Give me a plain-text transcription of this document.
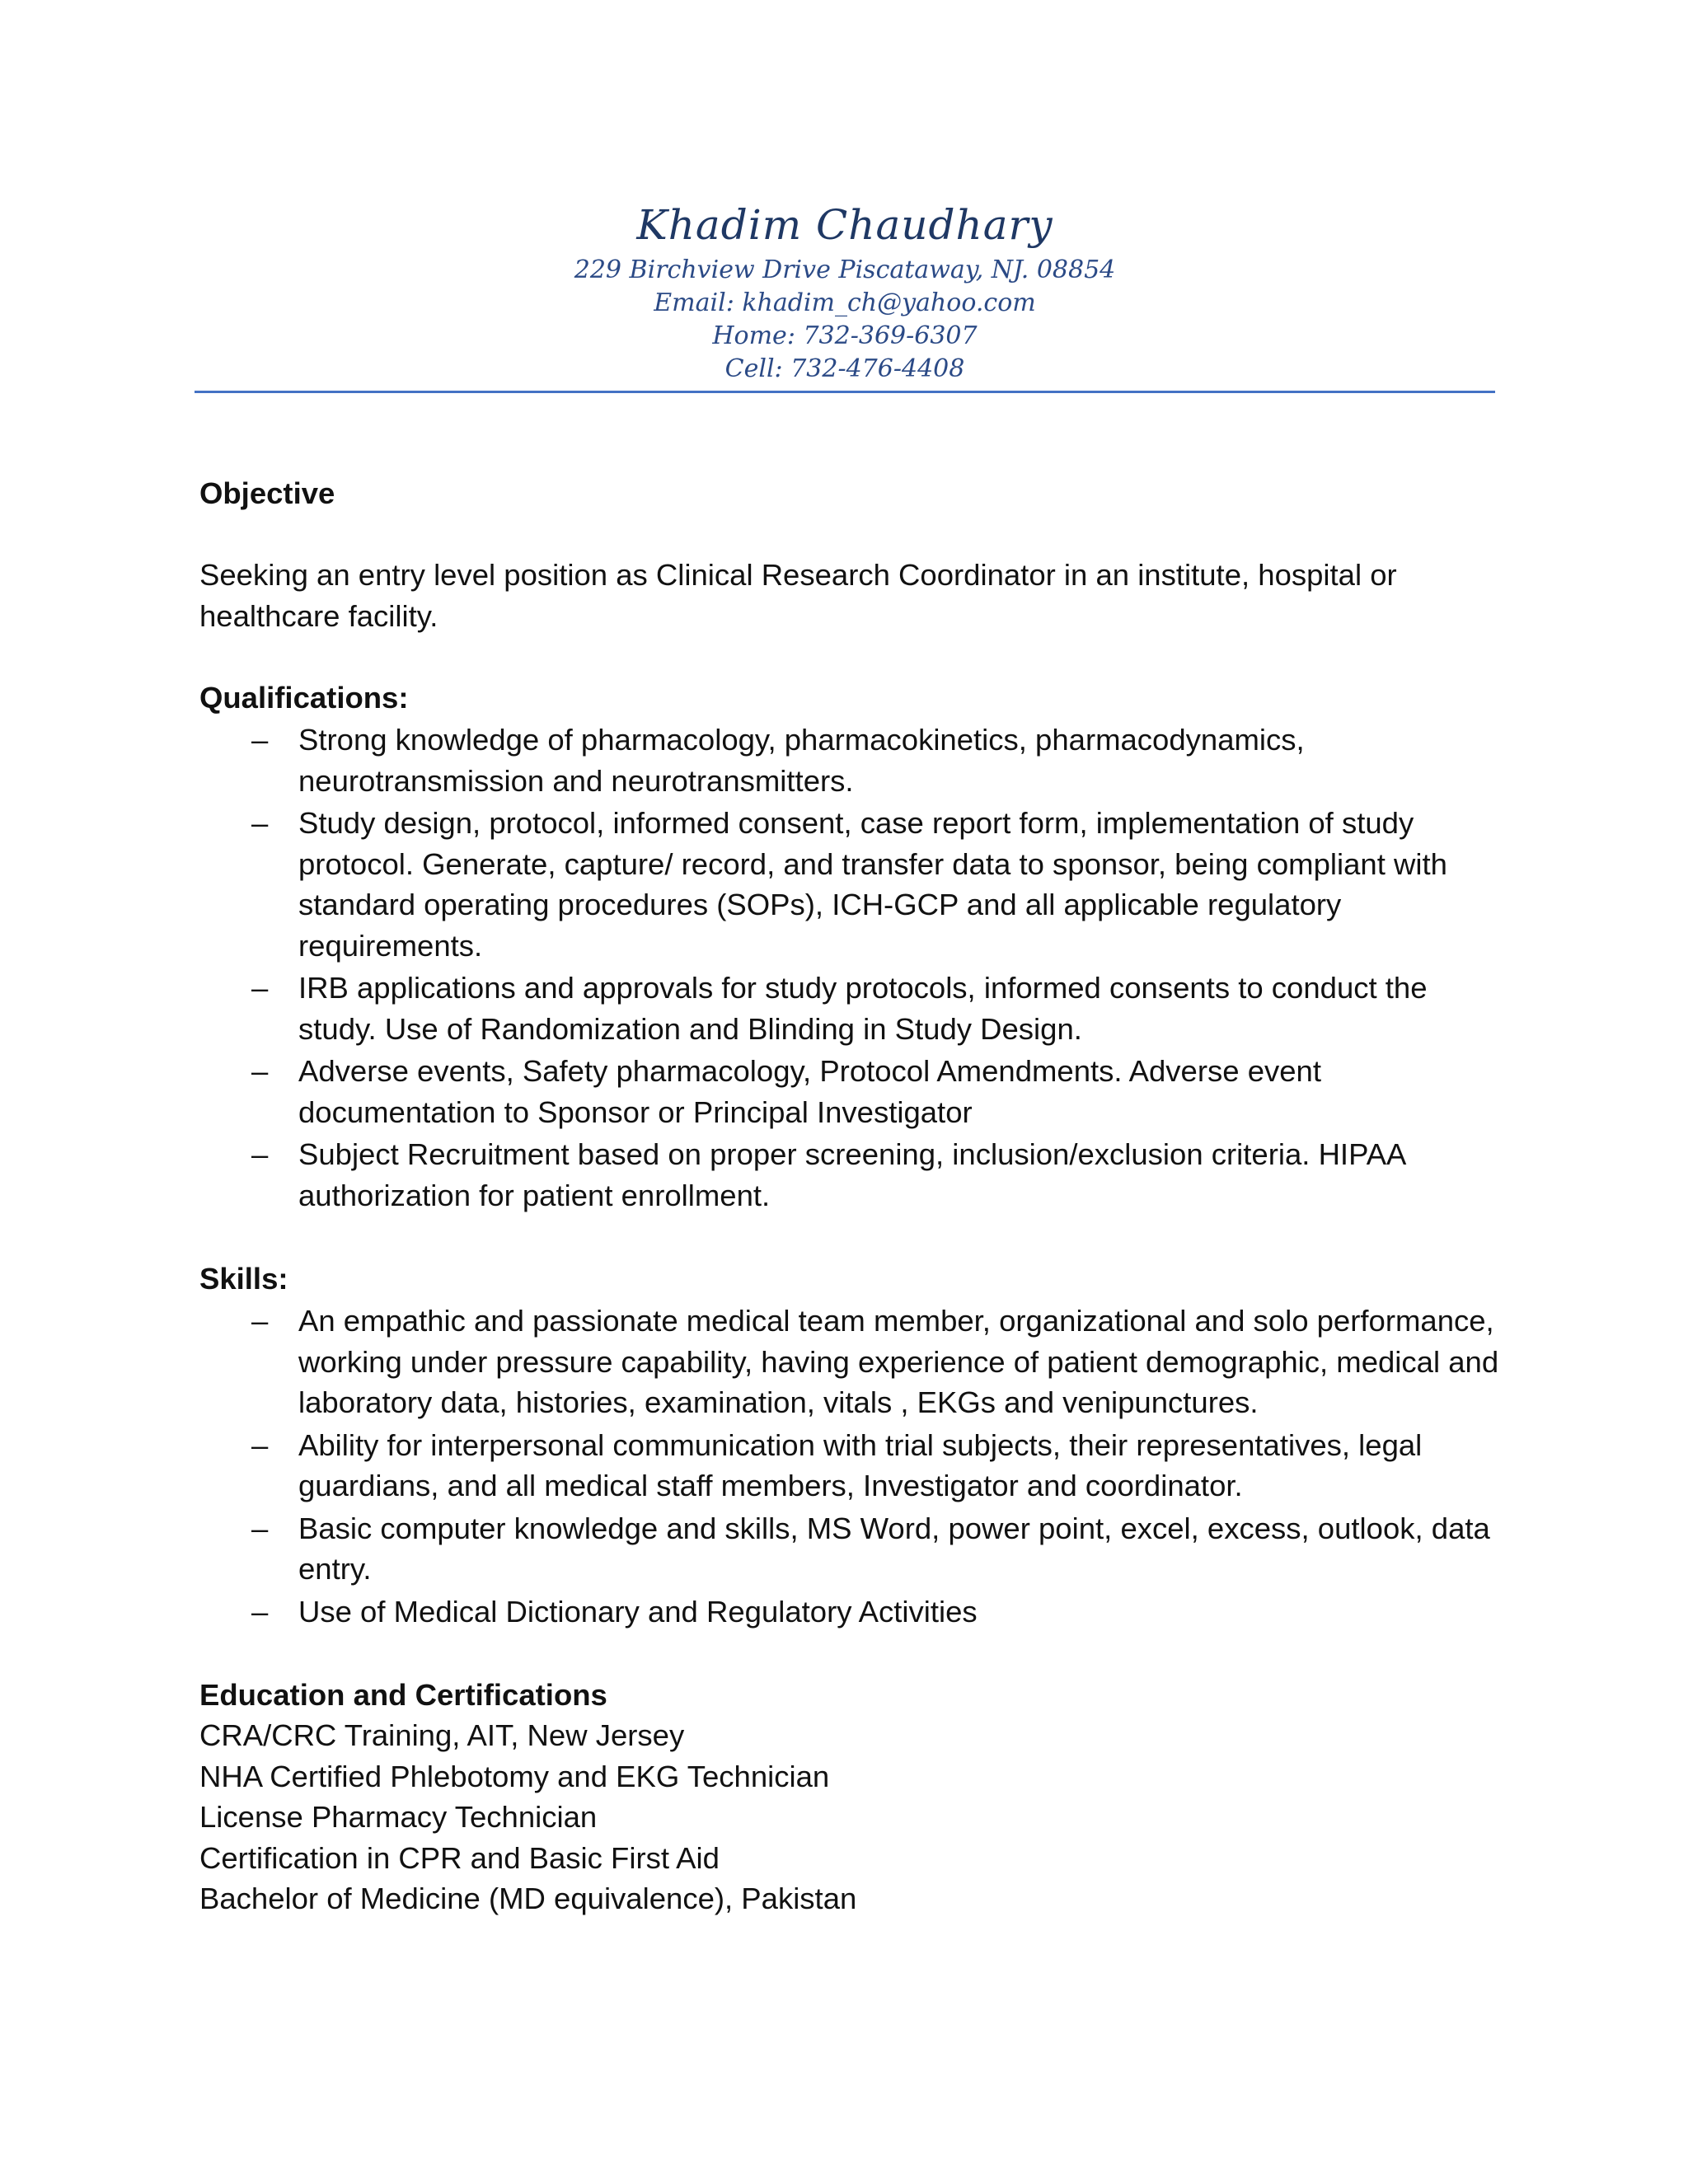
Khadim Chaudhary
229 Birchview Drive Piscataway, NJ. 08854
Email: khadim_ch@yahoo.com
Home: 732-369-6307
Cell: 732-476-4408

Objective

Seeking an entry level position as Clinical Research Coordinator in an institute, hospital or healthcare facility.

Qualifications:

– Strong knowledge of pharmacology, pharmacokinetics, pharmacodynamics, neurotransmission and neurotransmitters.
– Study design, protocol, informed consent, case report form, implementation of study protocol. Generate, capture/ record, and transfer data to sponsor, being compliant with standard operating procedures (SOPs), ICH-GCP and all applicable regulatory requirements.
– IRB applications and approvals for study protocols, informed consents to conduct the study. Use of Randomization and Blinding in Study Design.
– Adverse events, Safety pharmacology, Protocol Amendments. Adverse event documentation to Sponsor or Principal Investigator
– Subject Recruitment based on proper screening, inclusion/exclusion criteria. HIPAA authorization for patient enrollment.

Skills:

– An empathic and passionate medical team member, organizational and solo performance, working under pressure capability, having experience of patient demographic, medical and laboratory data, histories, examination, vitals , EKGs and venipunctures.
– Ability for interpersonal communication with trial subjects, their representatives, legal guardians, and all medical staff members, Investigator and coordinator.
– Basic computer knowledge and skills, MS Word, power point, excel, excess, outlook, data entry.
– Use of Medical Dictionary and Regulatory Activities

Education and Certifications

CRA/CRC Training, AIT, New Jersey

NHA Certified Phlebotomy and EKG Technician

License Pharmacy Technician

Certification in CPR and Basic First Aid

Bachelor of Medicine (MD equivalence), Pakistan
